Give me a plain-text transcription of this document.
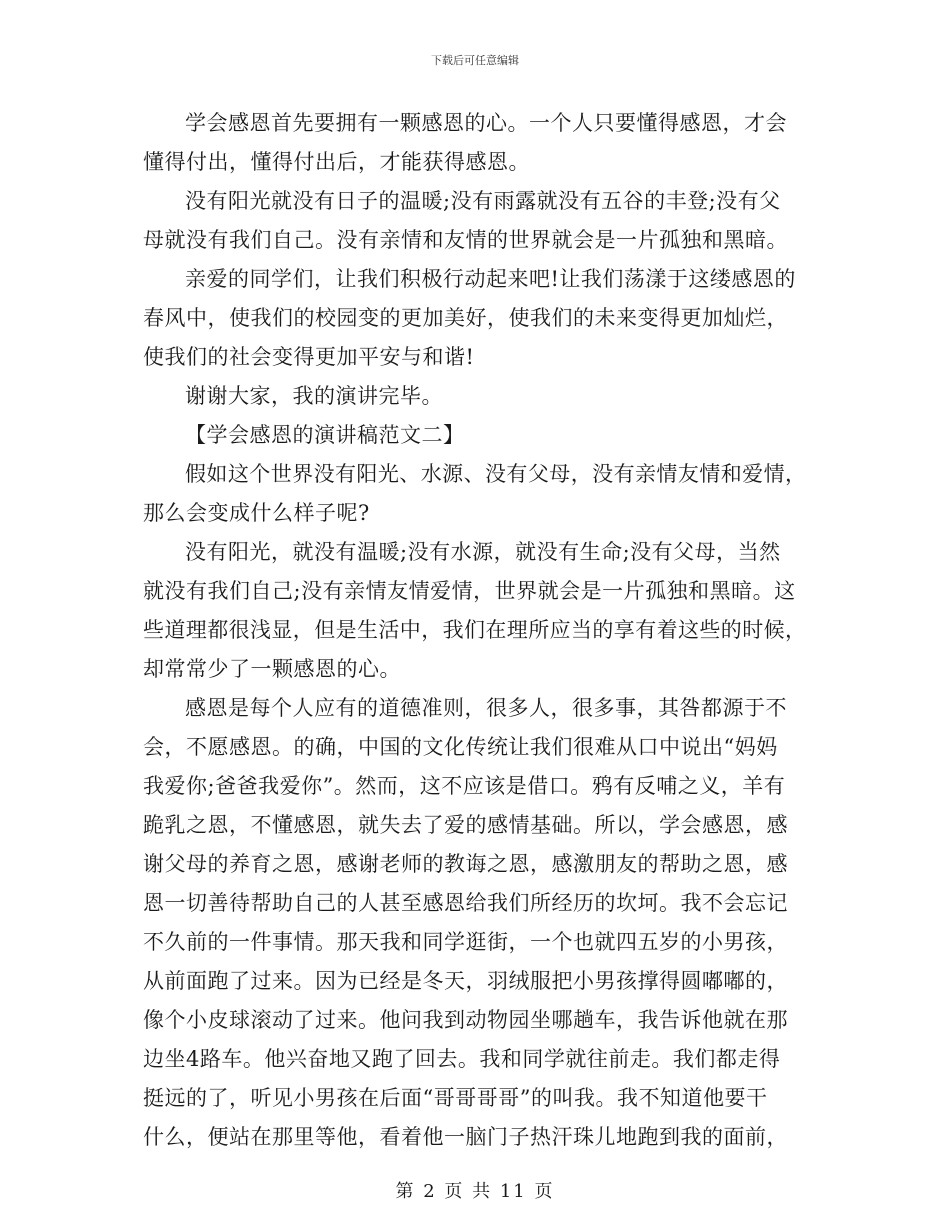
下载后可任意编辑

学会感恩首先要拥有一颗感恩的心。一个人只要懂得感恩，才会
懂得付出，懂得付出后，才能获得感恩。

没有阳光就没有日子的温暖;没有雨露就没有五谷的丰登;没有父
母就没有我们自己。没有亲情和友情的世界就会是一片孤独和黑暗。

亲爱的同学们，让我们积极行动起来吧!让我们荡漾于这缕感恩的
春风中，使我们的校园变的更加美好，使我们的未来变得更加灿烂，
使我们的社会变得更加平安与和谐!

谢谢大家，我的演讲完毕。

【学会感恩的演讲稿范文二】

假如这个世界没有阳光、水源、没有父母，没有亲情友情和爱情，
那么会变成什么样子呢?

没有阳光，就没有温暖;没有水源，就没有生命;没有父母，当然
就没有我们自己;没有亲情友情爱情，世界就会是一片孤独和黑暗。这
些道理都很浅显，但是生活中，我们在理所应当的享有着这些的时候，
却常常少了一颗感恩的心。

感恩是每个人应有的道德准则，很多人，很多事，其咎都源于不
会，不愿感恩。的确，中国的文化传统让我们很难从口中说出“妈妈
我爱你;爸爸我爱你”。然而，这不应该是借口。鸦有反哺之义，羊有
跪乳之恩，不懂感恩，就失去了爱的感情基础。所以，学会感恩，感
谢父母的养育之恩，感谢老师的教诲之恩，感激朋友的帮助之恩，感
恩一切善待帮助自己的人甚至感恩给我们所经历的坎坷。我不会忘记
不久前的一件事情。那天我和同学逛街，一个也就四五岁的小男孩，
从前面跑了过来。因为已经是冬天，羽绒服把小男孩撑得圆嘟嘟的，
像个小皮球滚动了过来。他问我到动物园坐哪趟车，我告诉他就在那
边坐4路车。他兴奋地又跑了回去。我和同学就往前走。我们都走得
挺远的了，听见小男孩在后面“哥哥哥哥”的叫我。我不知道他要干
什么，便站在那里等他，看着他一脑门子热汗珠儿地跑到我的面前，

第 2 页 共 11 页
